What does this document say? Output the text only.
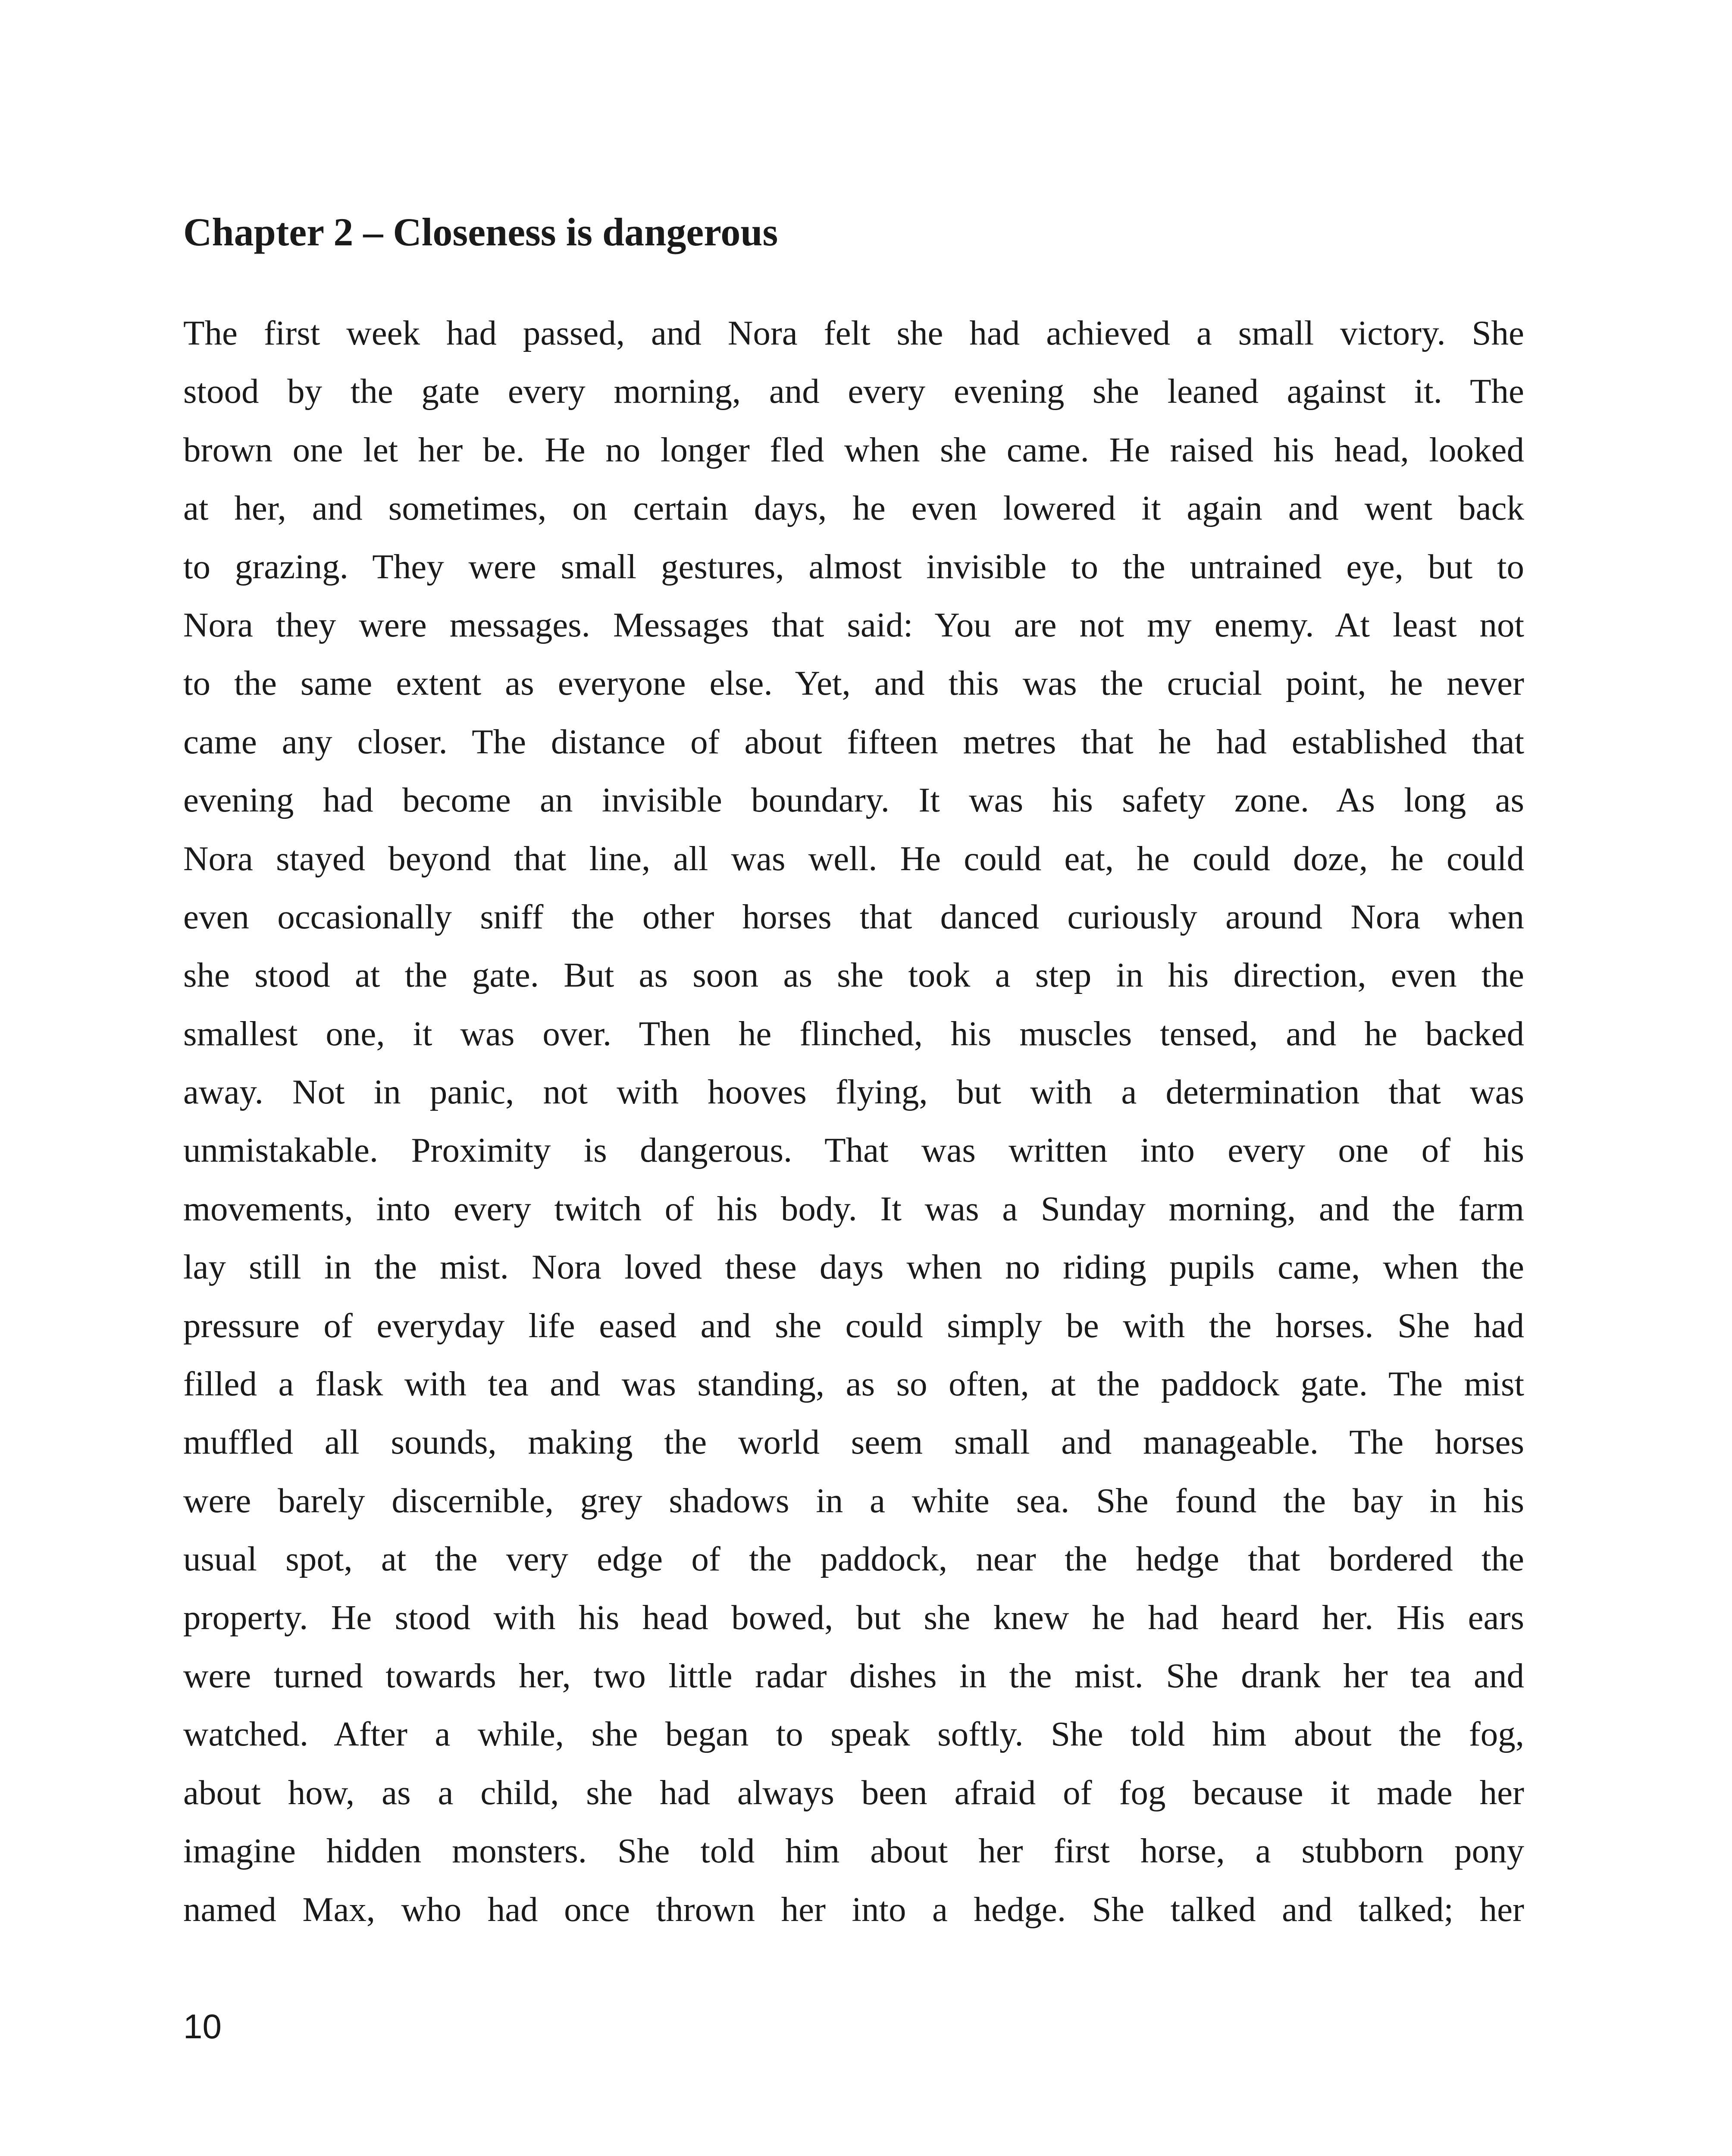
Chapter 2 – Closeness is dangerous
The first week had passed, and Nora felt she had achieved a small victory. She
stood by the gate every morning, and every evening she leaned against it. The
brown one let her be. He no longer fled when she came. He raised his head, looked
at her, and sometimes, on certain days, he even lowered it again and went back
to grazing. They were small gestures, almost invisible to the untrained eye, but to
Nora they were messages. Messages that said: You are not my enemy. At least not
to the same extent as everyone else. Yet, and this was the crucial point, he never
came any closer. The distance of about fifteen metres that he had established that
evening had become an invisible boundary. It was his safety zone. As long as
Nora stayed beyond that line, all was well. He could eat, he could doze, he could
even occasionally sniff the other horses that danced curiously around Nora when
she stood at the gate. But as soon as she took a step in his direction, even the
smallest one, it was over. Then he flinched, his muscles tensed, and he backed
away. Not in panic, not with hooves flying, but with a determination that was
unmistakable. Proximity is dangerous. That was written into every one of his
movements, into every twitch of his body. It was a Sunday morning, and the farm
lay still in the mist. Nora loved these days when no riding pupils came, when the
pressure of everyday life eased and she could simply be with the horses. She had
filled a flask with tea and was standing, as so often, at the paddock gate. The mist
muffled all sounds, making the world seem small and manageable. The horses
were barely discernible, grey shadows in a white sea. She found the bay in his
usual spot, at the very edge of the paddock, near the hedge that bordered the
property. He stood with his head bowed, but she knew he had heard her. His ears
were turned towards her, two little radar dishes in the mist. She drank her tea and
watched. After a while, she began to speak softly. She told him about the fog,
about how, as a child, she had always been afraid of fog because it made her
imagine hidden monsters. She told him about her first horse, a stubborn pony
named Max, who had once thrown her into a hedge. She talked and talked; her
10
